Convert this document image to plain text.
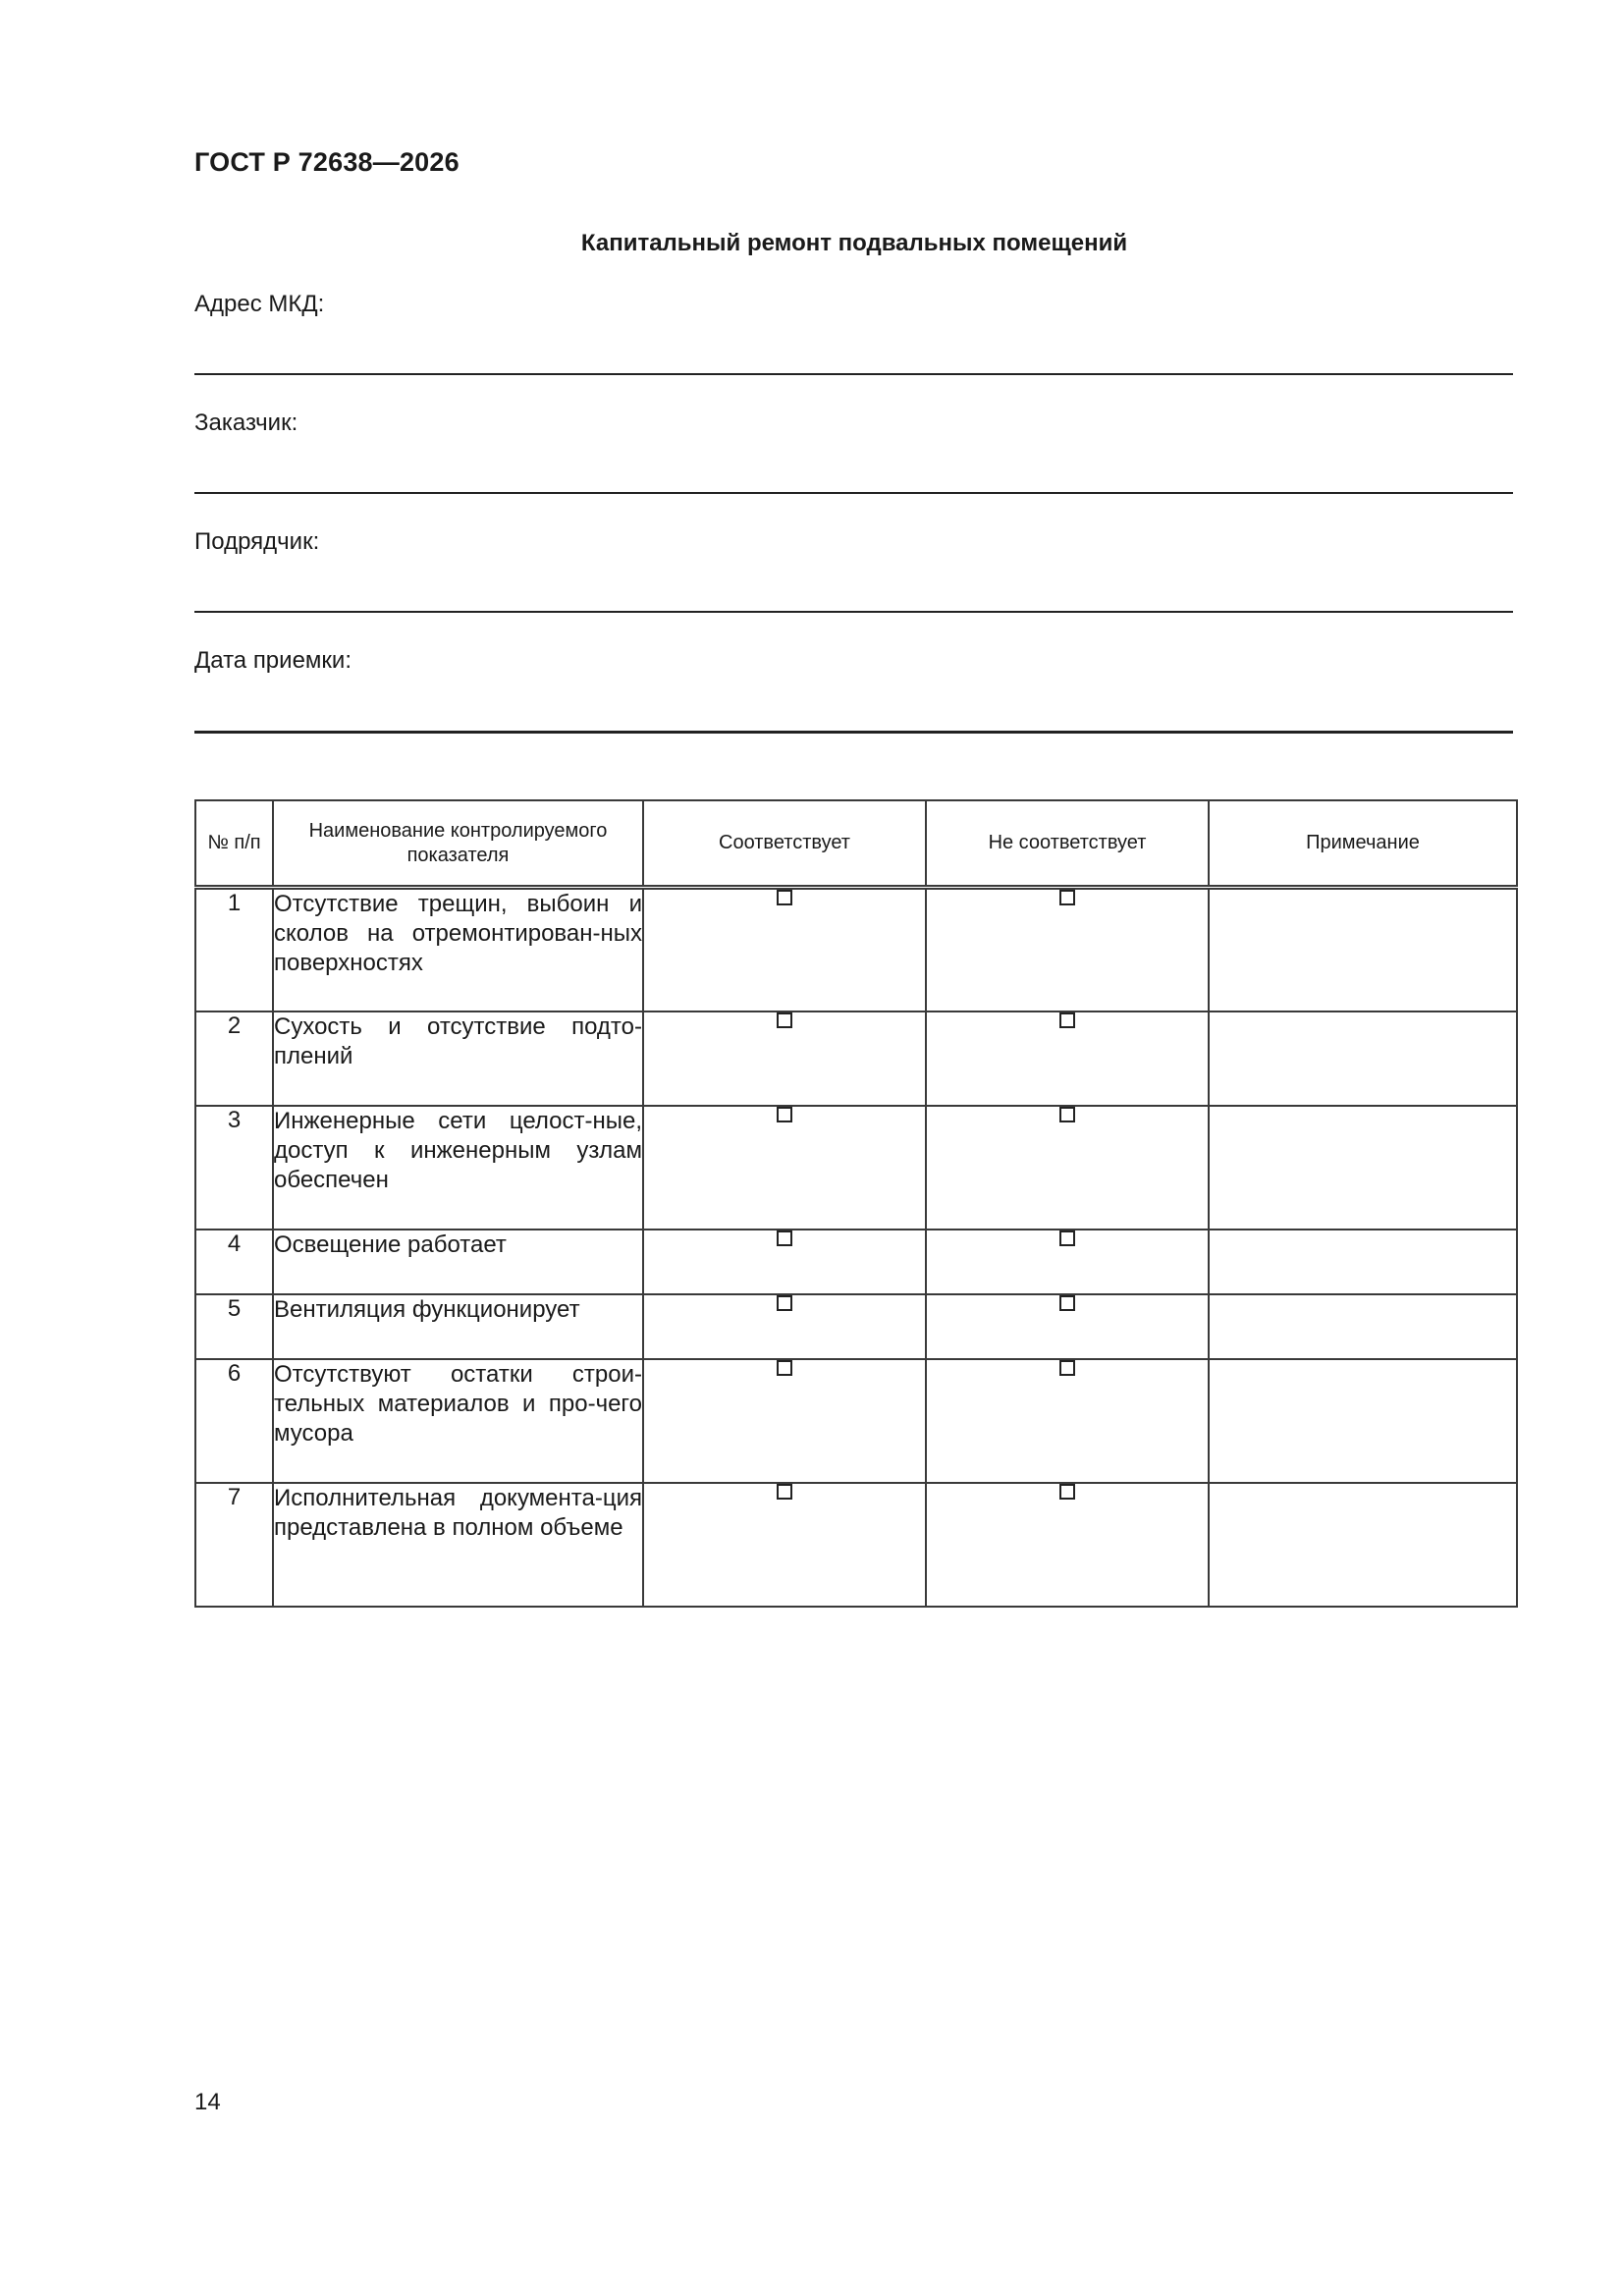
ГОСТ Р 72638—2026
Капитальный ремонт подвальных помещений
Адрес МКД:
Заказчик:
Подрядчик:
Дата приемки:
№ п/п	Наименование контролируемого показателя	Соответствует	Не соответствует	Примечание
1	Отсутствие трещин, выбоин и сколов на отремонтирован-ных поверхностях			
2	Сухость и отсутствие подто-плений			
3	Инженерные сети целост-ные, доступ к инженерным узлам обеспечен			
4	Освещение работает			
5	Вентиляция функционирует			
6	Отсутствуют остатки строи-тельных материалов и про-чего мусора			
7	Исполнительная документа-ция представлена в полном объеме			
14
